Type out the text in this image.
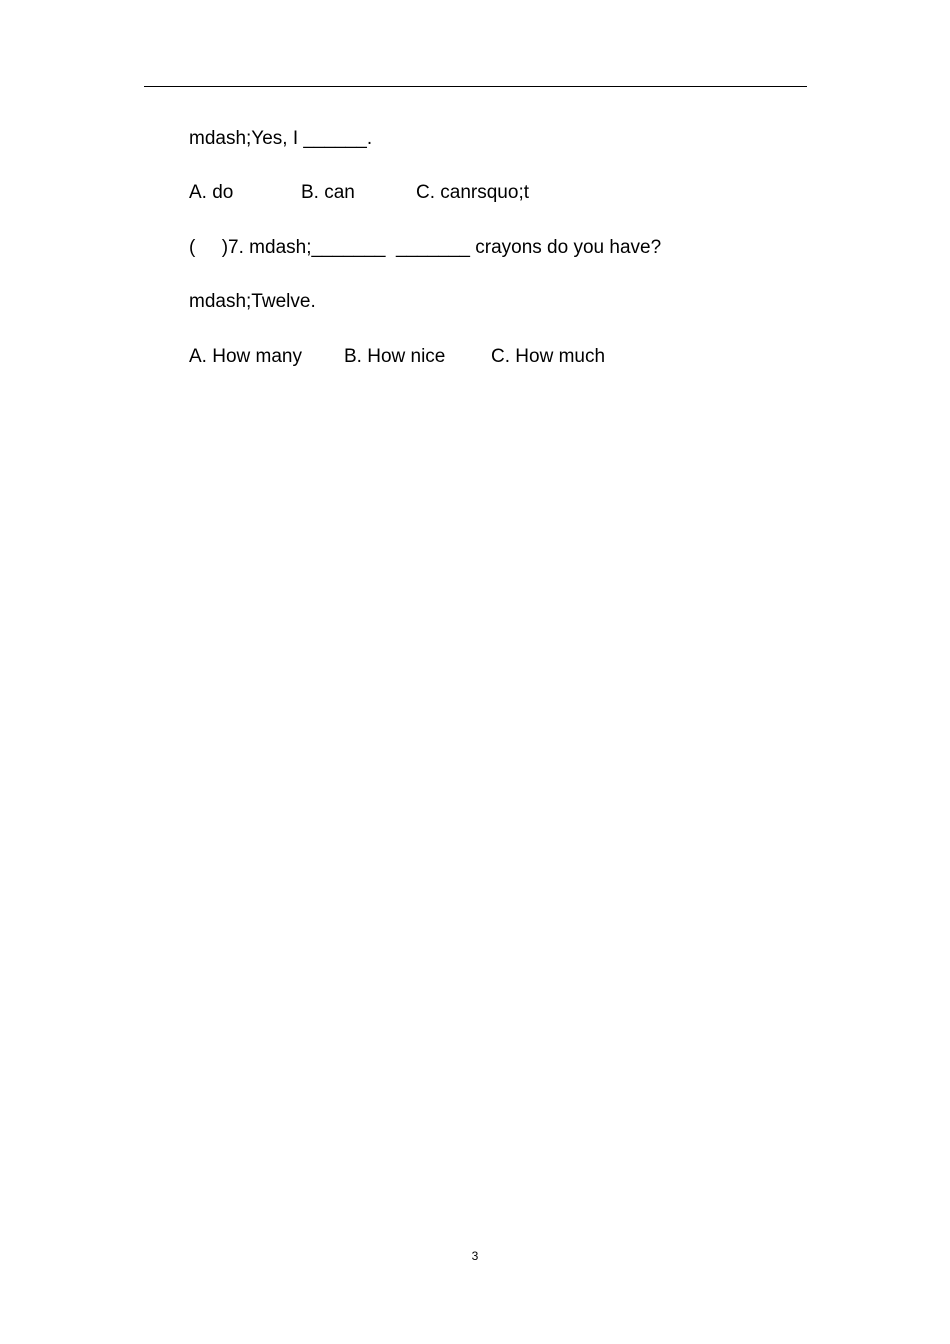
mdash;Yes, I ______.

A. do

	B. can

	C. canrsquo;t

(     )7. mdash;_______  _______ crayons do you have?

mdash;Twelve.

A. How many

B. How nice

C. How much

3
